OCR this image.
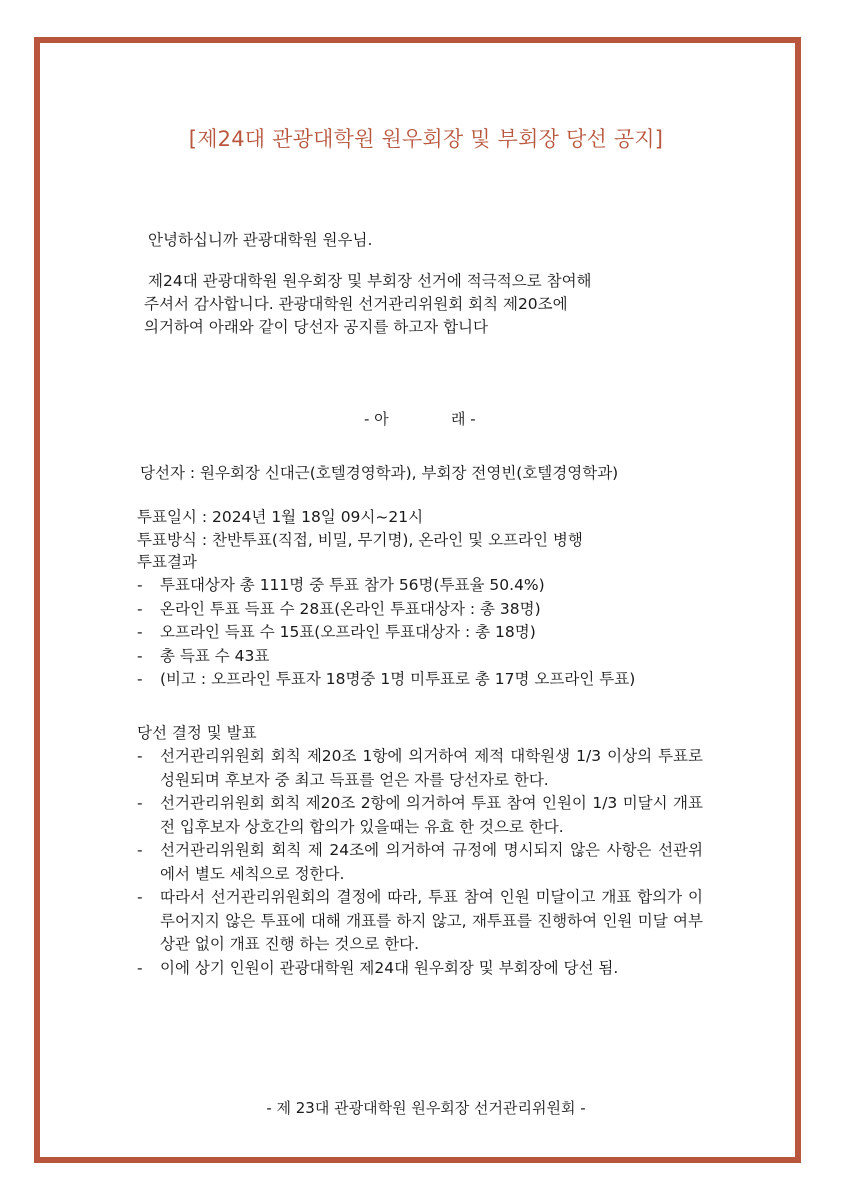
[제24대 관광대학원 원우회장 및 부회장 당선 공지]
안녕하십니까 관광대학원 원우님.
제24대 관광대학원 원우회장 및 부회장 선거에 적극적으로 참여해
주셔서 감사합니다. 관광대학원 선거관리위원회 회칙 제20조에
의거하여 아래와 같이 당선자 공지를 하고자 합니다
- 아	래 -
당선자 : 원우회장 신대근(호텔경영학과), 부회장 전영빈(호텔경영학과)
투표일시 : 2024년 1월 18일 09시~21시
투표방식 : 찬반투표(직접, 비밀, 무기명), 온라인 및 오프라인 병행
투표결과
-	투표대상자 총 111명 중 투표 참가 56명(투표율 50.4%)
-	온라인 투표 득표 수 28표(온라인 투표대상자 : 총 38명)
-	오프라인 득표 수 15표(오프라인 투표대상자 : 총 18명)
-	총 득표 수 43표
-	(비고 : 오프라인 투표자 18명중 1명 미투표로 총 17명 오프라인 투표)
당선 결정 및 발표
-	선거관리위원회 회칙 제20조 1항에 의거하여 제적 대학원생 1/3 이상의 투표로 성원되며 후보자 중 최고 득표를 얻은 자를 당선자로 한다.
-	선거관리위원회 회칙 제20조 2항에 의거하여 투표 참여 인원이 1/3 미달시 개표 전 입후보자 상호간의 합의가 있을때는 유효 한 것으로 한다.
-	선거관리위원회 회칙 제 24조에 의거하여 규정에 명시되지 않은 사항은 선관위에서 별도 세칙으로 정한다.
-	따라서 선거관리위원회의 결정에 따라, 투표 참여 인원 미달이고 개표 합의가 이루어지지 않은 투표에 대해 개표를 하지 않고, 재투표를 진행하여 인원 미달 여부 상관 없이 개표 진행 하는 것으로 한다.
-	이에 상기 인원이 관광대학원 제24대 원우회장 및 부회장에 당선 됨.
- 제 23대 관광대학원 원우회장 선거관리위원회 -
